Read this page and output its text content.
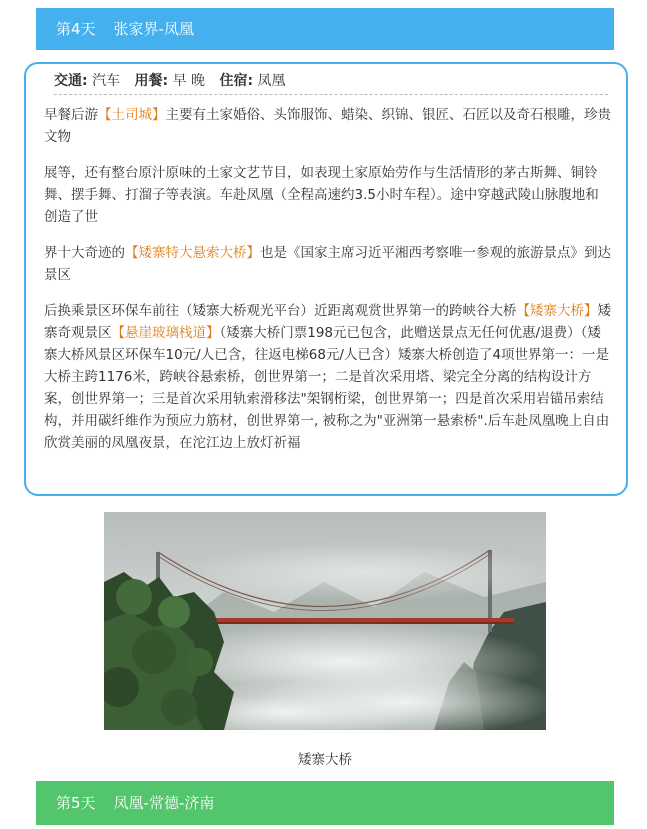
第4天 张家界-凤凰
交通: 汽车 用餐: 早 晚 住宿: 凤凰

早餐后游【土司城】主要有土家婚俗、头饰服饰、蜡染、织锦、银匠、石匠以及奇石根雕，珍贵文物

展等，还有整台原汁原味的土家文艺节目，如表现土家原始劳作与生活情形的茅古斯舞、铜铃舞、摆手舞、打溜子等表演。车赴凤凰（全程高速约3.5小时车程）。途中穿越武陵山脉腹地和创造了世

界十大奇迹的【矮寨特大悬索大桥】也是《国家主席习近平湘西考察唯一参观的旅游景点》到达景区

后换乘景区环保车前往（矮寨大桥观光平台）近距离观赏世界第一的跨峡谷大桥【矮寨大桥】矮寨奇观景区【悬崖玻璃栈道】（矮寨大桥门票198元已包含，此赠送景点无任何优惠/退费）（矮寨大桥风景区环保车10元/人已含，往返电梯68元/人已含）矮寨大桥创造了4项世界第一：一是大桥主跨1176米，跨峡谷悬索桥，创世界第一；二是首次采用塔、梁完全分离的结构设计方案，创世界第一；三是首次采用轨索滑移法"架钢桁梁，创世界第一；四是首次采用岩锚吊索结构，并用碳纤维作为预应力筋材，创世界第一, 被称之为"亚洲第一悬索桥".后车赴凤凰晚上自由欣赏美丽的凤凰夜景，在沱江边上放灯祈福

矮寨大桥
第5天 凤凰-常德-济南
